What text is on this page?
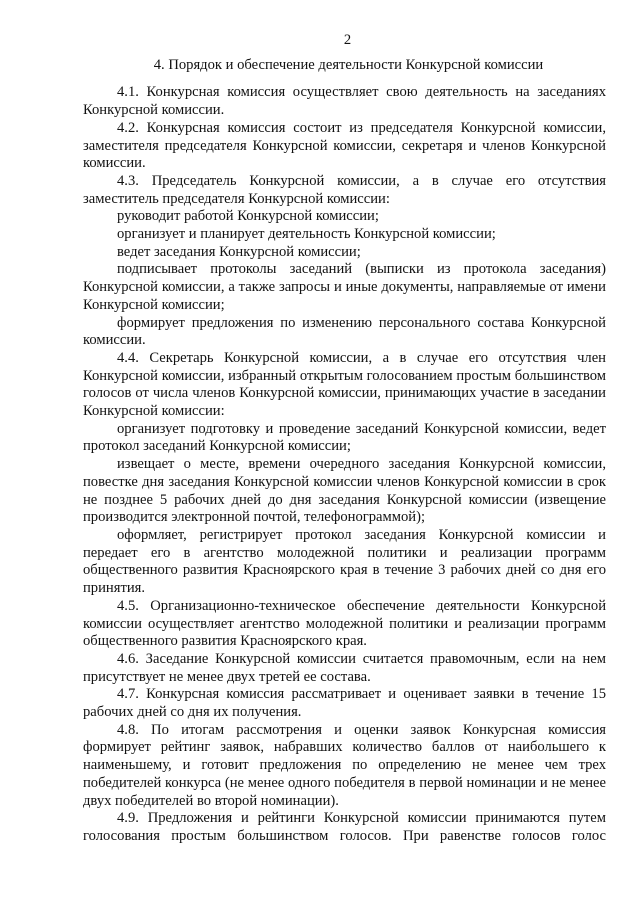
2
4. Порядок и обеспечение деятельности Конкурсной комиссии

4.1. Конкурсная комиссия осуществляет свою деятельность на заседаниях Конкурсной комиссии.

4.2. Конкурсная комиссия состоит из председателя Конкурсной комиссии, заместителя председателя Конкурсной комиссии, секретаря и членов Конкурсной комиссии.

4.3. Председатель Конкурсной комиссии, а в случае его отсутствия заместитель председателя Конкурсной комиссии:

руководит работой Конкурсной комиссии;

организует и планирует деятельность Конкурсной комиссии;

ведет заседания Конкурсной комиссии;

подписывает протоколы заседаний (выписки из протокола заседания) Конкурсной комиссии, а также запросы и иные документы, направляемые от имени Конкурсной комиссии;

формирует предложения по изменению персонального состава Конкурсной комиссии.

4.4. Секретарь Конкурсной комиссии, а в случае его отсутствия член Конкурсной комиссии, избранный открытым голосованием простым большинством голосов от числа членов Конкурсной комиссии, принимающих участие в заседании Конкурсной комиссии:

организует подготовку и проведение заседаний Конкурсной комиссии, ведет протокол заседаний Конкурсной комиссии;

извещает о месте, времени очередного заседания Конкурсной комиссии, повестке дня заседания Конкурсной комиссии членов Конкурсной комиссии в срок не позднее 5 рабочих дней до дня заседания Конкурсной комиссии (извещение производится электронной почтой, телефонограммой);

оформляет, регистрирует протокол заседания Конкурсной комиссии и передает его в агентство молодежной политики и реализации программ общественного развития Красноярского края в течение 3 рабочих дней со дня его принятия.

4.5. Организационно-техническое обеспечение деятельности Конкурсной комиссии осуществляет агентство молодежной политики и реализации программ общественного развития Красноярского края.

4.6. Заседание Конкурсной комиссии считается правомочным, если на нем присутствует не менее двух третей ее состава.

4.7. Конкурсная комиссия рассматривает и оценивает заявки в течение 15 рабочих дней со дня их получения.

4.8. По итогам рассмотрения и оценки заявок Конкурсная комиссия формирует рейтинг заявок, набравших количество баллов от наибольшего к наименьшему, и готовит предложения по определению не менее чем трех победителей конкурса (не менее одного победителя в первой номинации и не менее двух победителей во второй номинации).

4.9. Предложения и рейтинги Конкурсной комиссии принимаются путем голосования простым большинством голосов. При равенстве голосов голос
